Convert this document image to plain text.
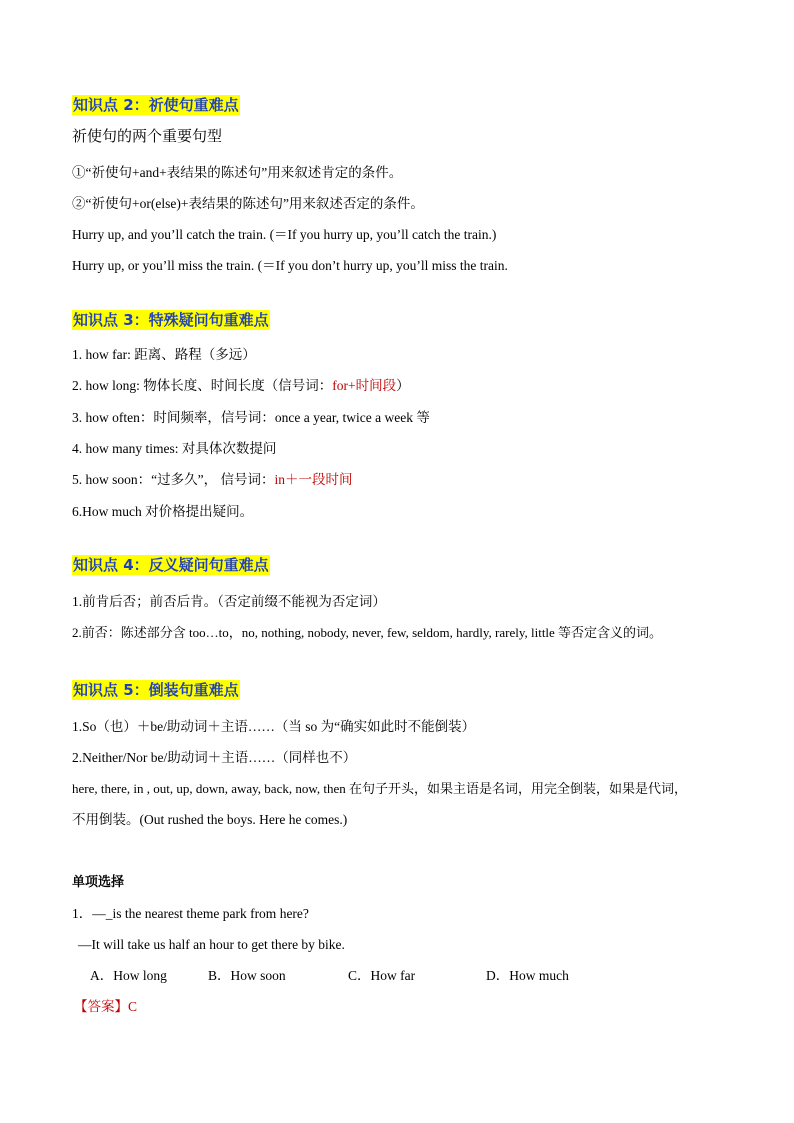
知识点 2：祈使句重难点
祈使句的两个重要句型
①“祈使句+and+表结果的陈述句”用来叙述肯定的条件。
②“祈使句+or(else)+表结果的陈述句”用来叙述否定的条件。
Hurry up, and you’ll catch the train. (＝If you hurry up, you’ll catch the train.)
Hurry up, or you’ll miss the train. (＝If you don’t hurry up, you’ll miss the train.
知识点 3：特殊疑问句重难点
1. how far: 距离、路程（多远）
2. how long: 物体长度、时间长度（信号词：for+时间段）
3. how often：时间频率，信号词：once a year, twice a week 等
4. how many times: 对具体次数提问
5. how soon：“过多久”， 信号词：in＋一段时间
6.How much 对价格提出疑问。
知识点 4：反义疑问句重难点
1.前肯后否；前否后肯。（否定前缀不能视为否定词）
2.前否：陈述部分含 too…to，no, nothing, nobody, never, few, seldom, hardly, rarely, little 等否定含义的词。
知识点 5：倒装句重难点
1.So（也）＋be/助动词＋主语……（当 so 为“确实如此时不能倒装）
2.Neither/Nor be/助动词＋主语……（同样也不）
here, there, in , out, up, down, away, back, now, then 在句子开头，如果主语是名词，用完全倒装，如果是代词，
不用倒装。(Out rushed the boys. Here he comes.)
单项选择
1．—_is the nearest theme park from here?
—It will take us half an hour to get there by bike.
A．How long	B．How soon	C．How far	D．How much
【答案】C
